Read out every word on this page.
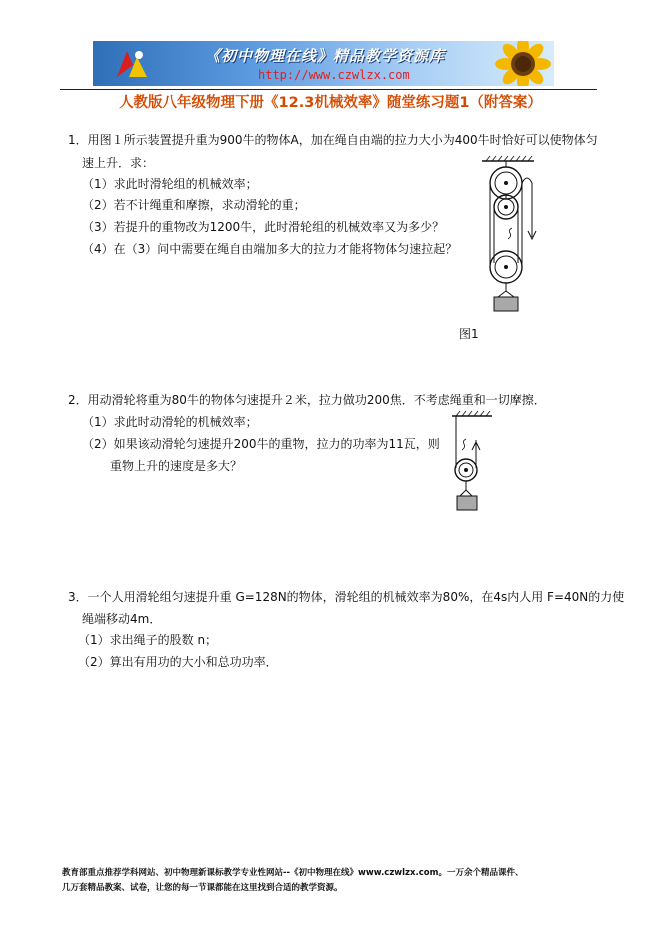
《初中物理在线》精品教学资源库
http://www.czwlzx.com
人教版八年级物理下册《12.3机械效率》随堂练习题1（附答案）
1．用图１所示装置提升重为900牛的物体A，加在绳自由端的拉力大小为400牛时恰好可以使物体匀
速上升．求：
（1）求此时滑轮组的机械效率；
（2）若不计绳重和摩擦，求动滑轮的重；
（3）若提升的重物改为1200牛，此时滑轮组的机械效率又为多少？
（4）在（3）问中需要在绳自由端加多大的拉力才能将物体匀速拉起？
图1
2．用动滑轮将重为80牛的物体匀速提升２米，拉力做功200焦．不考虑绳重和一切摩擦．
（1）求此时动滑轮的机械效率；
（2）如果该动滑轮匀速提升200牛的重物，拉力的功率为11瓦，则
重物上升的速度是多大？
3．一个人用滑轮组匀速提升重 G=128N的物体，滑轮组的机械效率为80%，在4s内人用 F=40N的力使
绳端移动4m．
（1）求出绳子的股数 n；
（2）算出有用功的大小和总功功率．
教育部重点推荐学科网站、初中物理新课标教学专业性网站--《初中物理在线》www.czwlzx.com。一万余个精品课件、
几万套精品教案、试卷，让您的每一节课都能在这里找到合适的教学资源。
